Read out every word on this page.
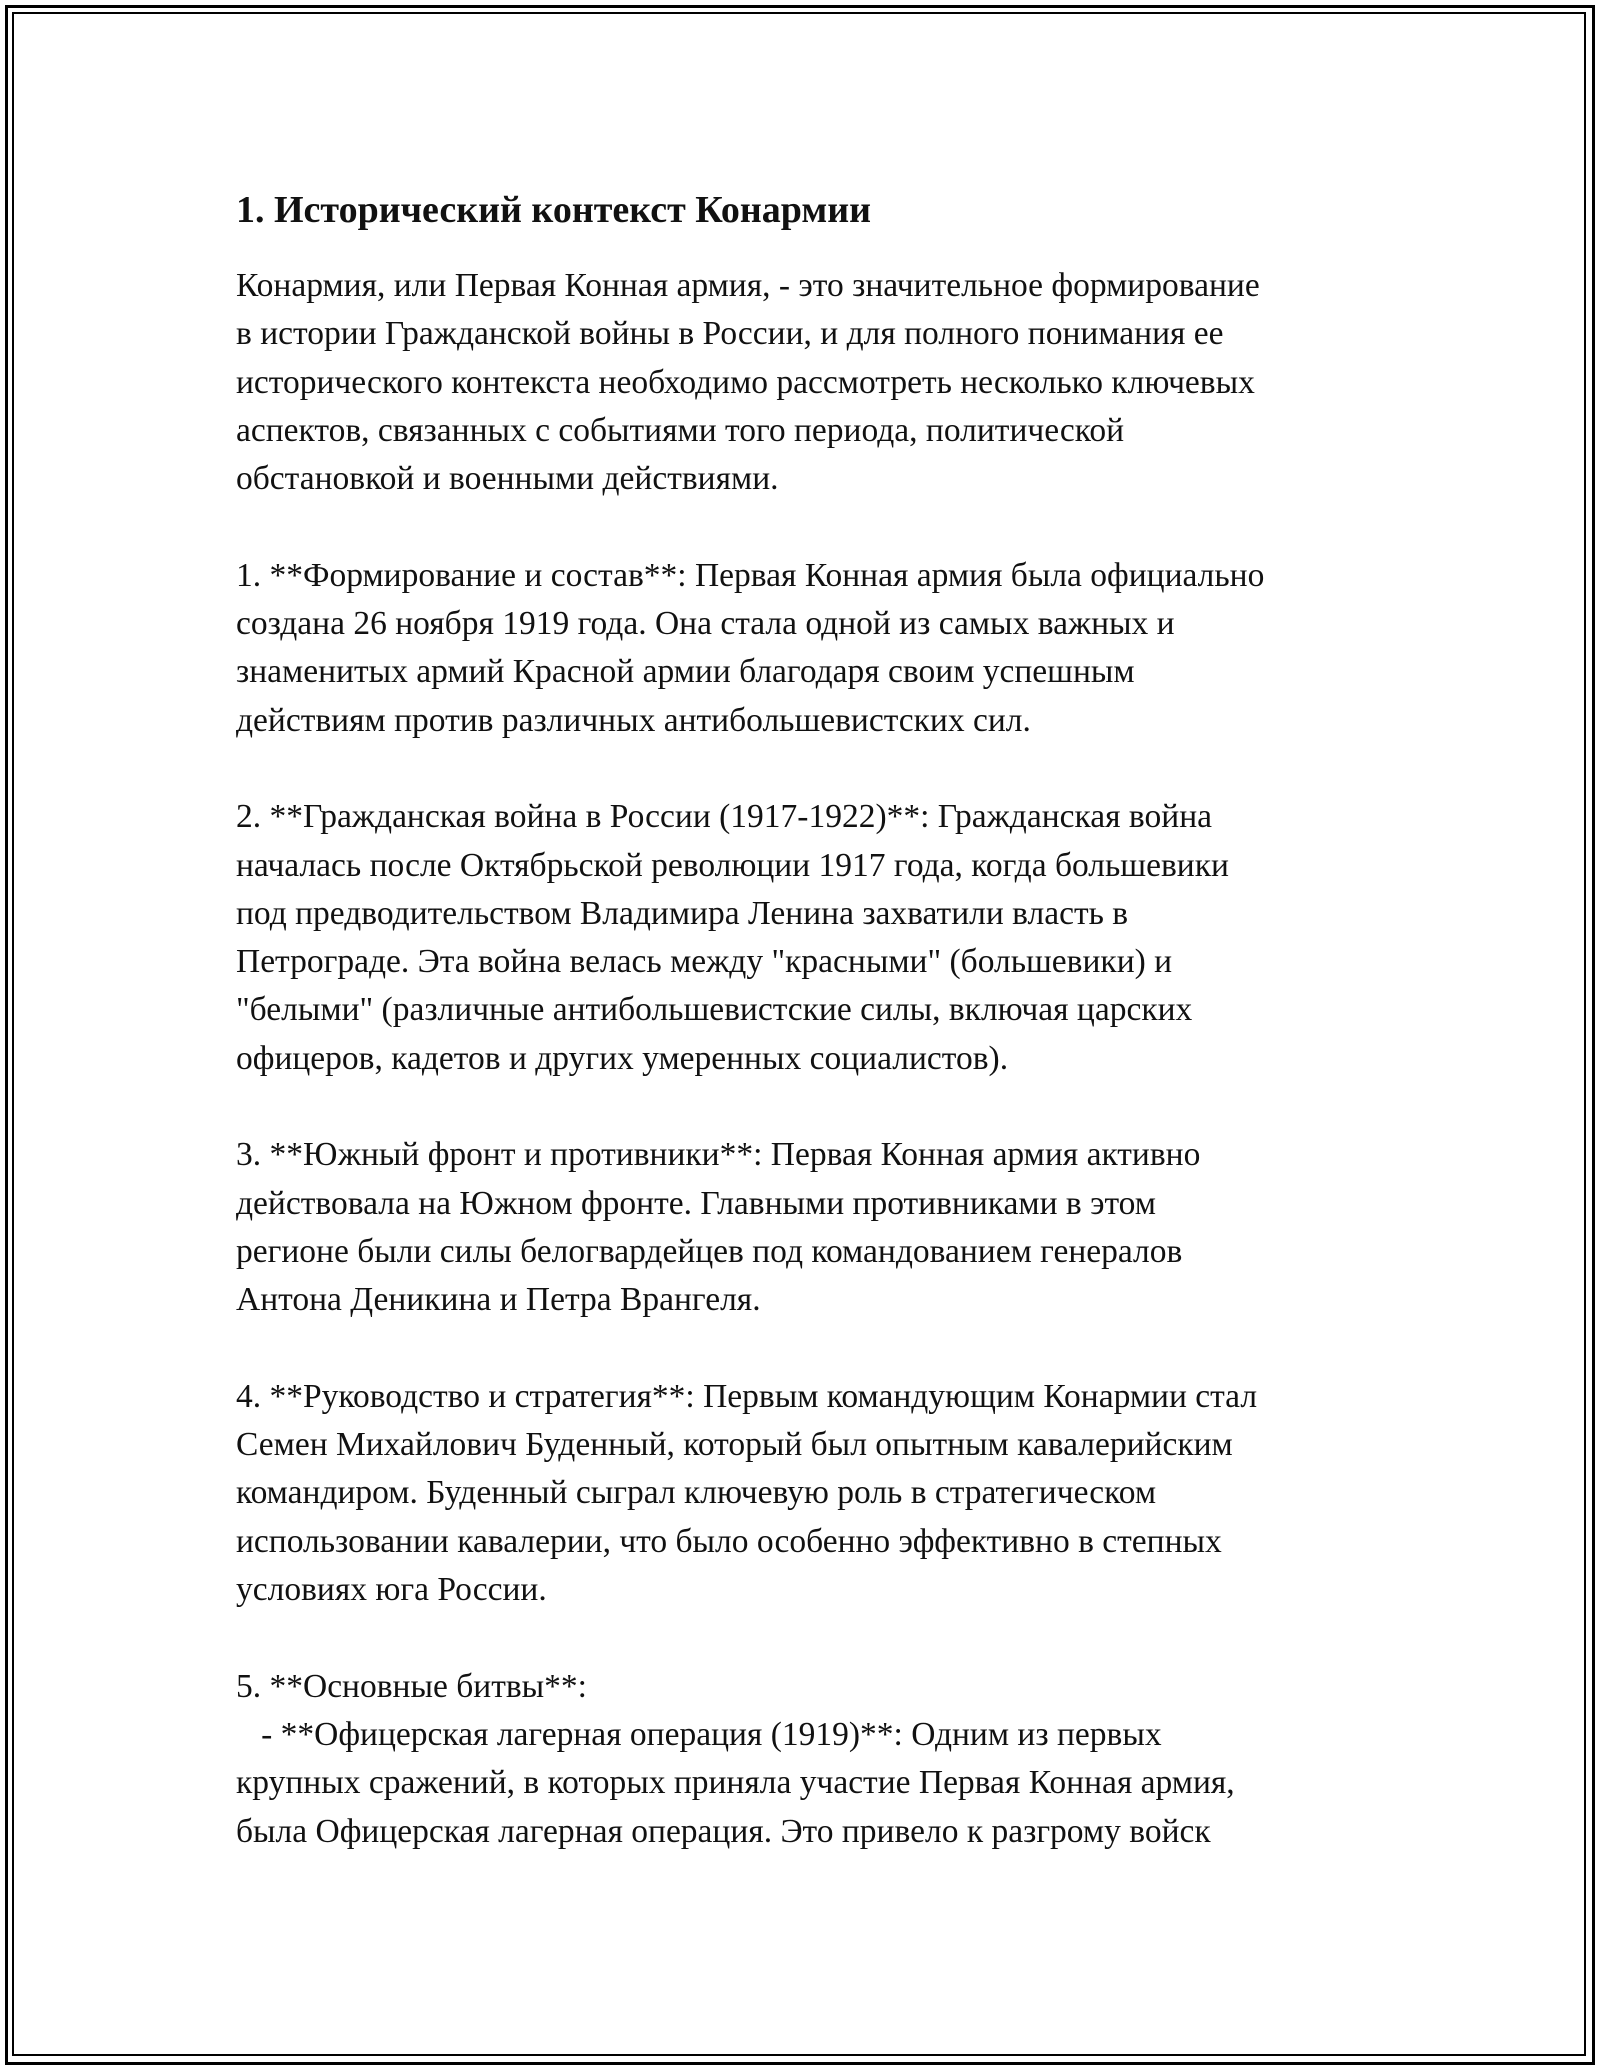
1. Исторический контекст Конармии
Конармия, или Первая Конная армия, - это значительное формирование
в истории Гражданской войны в России, и для полного понимания ее
исторического контекста необходимо рассмотреть несколько ключевых
аспектов, связанных с событиями того периода, политической
обстановкой и военными действиями.
1. **Формирование и состав**: Первая Конная армия была официально
создана 26 ноября 1919 года. Она стала одной из самых важных и
знаменитых армий Красной армии благодаря своим успешным
действиям против различных антибольшевистских сил.
2. **Гражданская война в России (1917-1922)**: Гражданская война
началась после Октябрьской революции 1917 года, когда большевики
под предводительством Владимира Ленина захватили власть в
Петрограде. Эта война велась между "красными" (большевики) и
"белыми" (различные антибольшевистские силы, включая царских
офицеров, кадетов и других умеренных социалистов).
3. **Южный фронт и противники**: Первая Конная армия активно
действовала на Южном фронте. Главными противниками в этом
регионе были силы белогвардейцев под командованием генералов
Антона Деникина и Петра Врангеля.
4. **Руководство и стратегия**: Первым командующим Конармии стал
Семен Михайлович Буденный, который был опытным кавалерийским
командиром. Буденный сыграл ключевую роль в стратегическом
использовании кавалерии, что было особенно эффективно в степных
условиях юга России.
5. **Основные битвы**:
- **Офицерская лагерная операция (1919)**: Одним из первых
крупных сражений, в которых приняла участие Первая Конная армия,
была Офицерская лагерная операция. Это привело к разгрому войск
